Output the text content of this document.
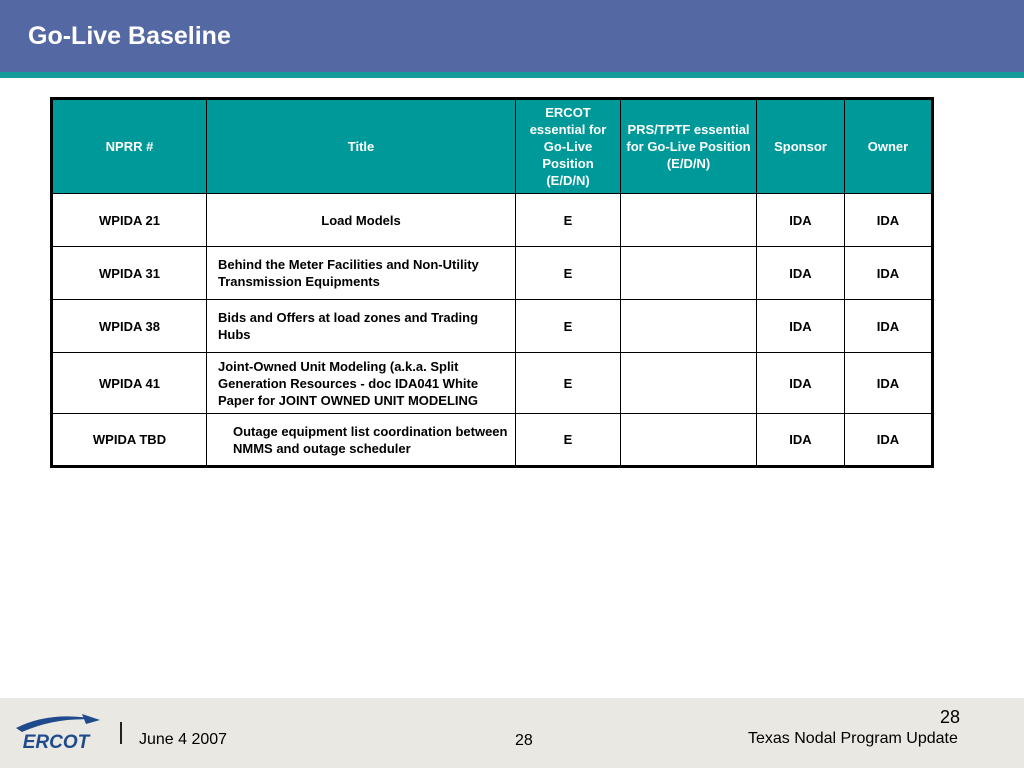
Go-Live Baseline
NPRR #	Title	ERCOT essential for Go-Live Position (E/D/N)	PRS/TPTF essential for Go-Live Position (E/D/N)	Sponsor	Owner
WPIDA 21	Load Models	E		IDA	IDA
WPIDA 31	Behind the Meter Facilities and Non-Utility Transmission Equipments	E		IDA	IDA
WPIDA 38	Bids and Offers at load zones and Trading Hubs	E		IDA	IDA
WPIDA 41	Joint-Owned Unit Modeling (a.k.a. Split Generation Resources - doc IDA041 White Paper for JOINT OWNED UNIT MODELING	E		IDA	IDA
WPIDA TBD	Outage equipment list coordination between NMMS and outage scheduler	E		IDA	IDA
ERCOT	June 4 2007	28
28
Texas Nodal Program Update
